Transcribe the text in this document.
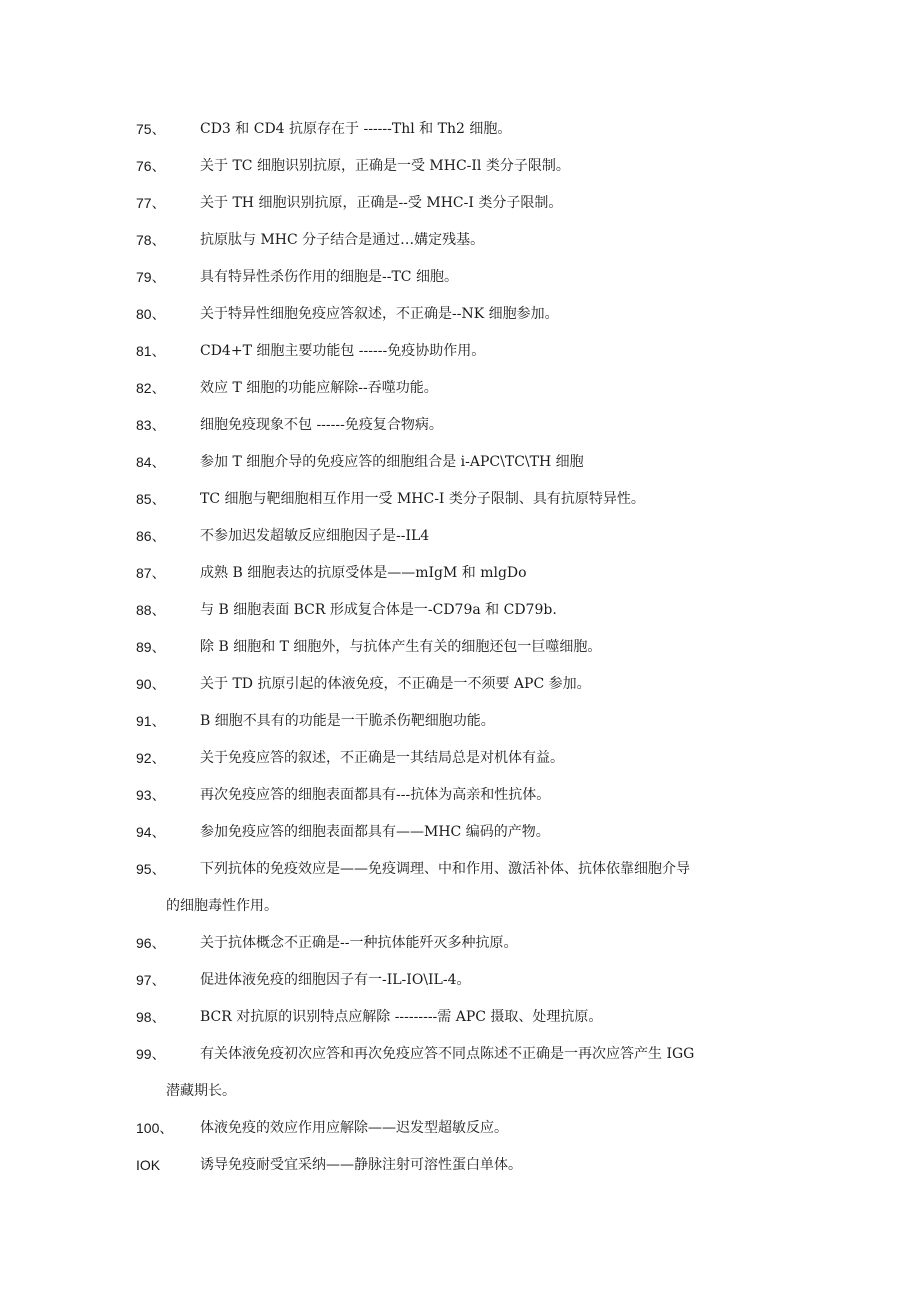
75、	CD3 和 CD4 抗原存在于 ------Thl 和 Th2 细胞。
76、	关于 TC 细胞识别抗原，正确是一受 MHC-Il 类分子限制。
77、	关于 TH 细胞识别抗原，正确是--受 MHC-I 类分子限制。
78、	抗原肽与 MHC 分子结合是通过…媾定残基。
79、	具有特异性杀伤作用的细胞是--TC 细胞。
80、	关于特异性细胞免疫应答叙述，不正确是--NK 细胞参加。
81、	CD4+T 细胞主要功能包 ------免疫协助作用。
82、	效应 T 细胞的功能应解除--吞噬功能。
83、	细胞免疫现象不包 ------免疫复合物病。
84、	参加 T 细胞介导的免疫应答的细胞组合是 i-APC\TC\TH 细胞
85、	TC 细胞与靶细胞相互作用一受 MHC-I 类分子限制、具有抗原特异性。
86、	不参加迟发超敏反应细胞因子是--IL4
87、	成熟 B 细胞表达的抗原受体是——mIgM 和 mlgDo
88、	与 B 细胞表面 BCR 形成复合体是一-CD79a 和 CD79b.
89、	除 B 细胞和 T 细胞外，与抗体产生有关的细胞还包一巨噬细胞。
90、	关于 TD 抗原引起的体液免疫，不正确是一不须要 APC 参加。
91、	B 细胞不具有的功能是一干脆杀伤靶细胞功能。
92、	关于免疫应答的叙述，不正确是一其结局总是对机体有益。
93、	再次免疫应答的细胞表面都具有---抗体为高亲和性抗体。
94、	参加免疫应答的细胞表面都具有——MHC 编码的产物。
95、	下列抗体的免疫效应是——免疫调理、中和作用、激活补体、抗体依靠细胞介导
的细胞毒性作用。
96、	关于抗体概念不正确是--一种抗体能歼灭多种抗原。
97、	促进体液免疫的细胞因子有一-IL-IO\IL-4。
98、	BCR 对抗原的识别特点应解除 ---------需 APC 摄取、处理抗原。
99、	有关体液免疫初次应答和再次免疫应答不同点陈述不正确是一再次应答产生 IGG
潜藏期长。
100、	体液免疫的效应作用应解除——迟发型超敏反应。
IOK	诱导免疫耐受宜采纳——静脉注射可溶性蛋白单体。
